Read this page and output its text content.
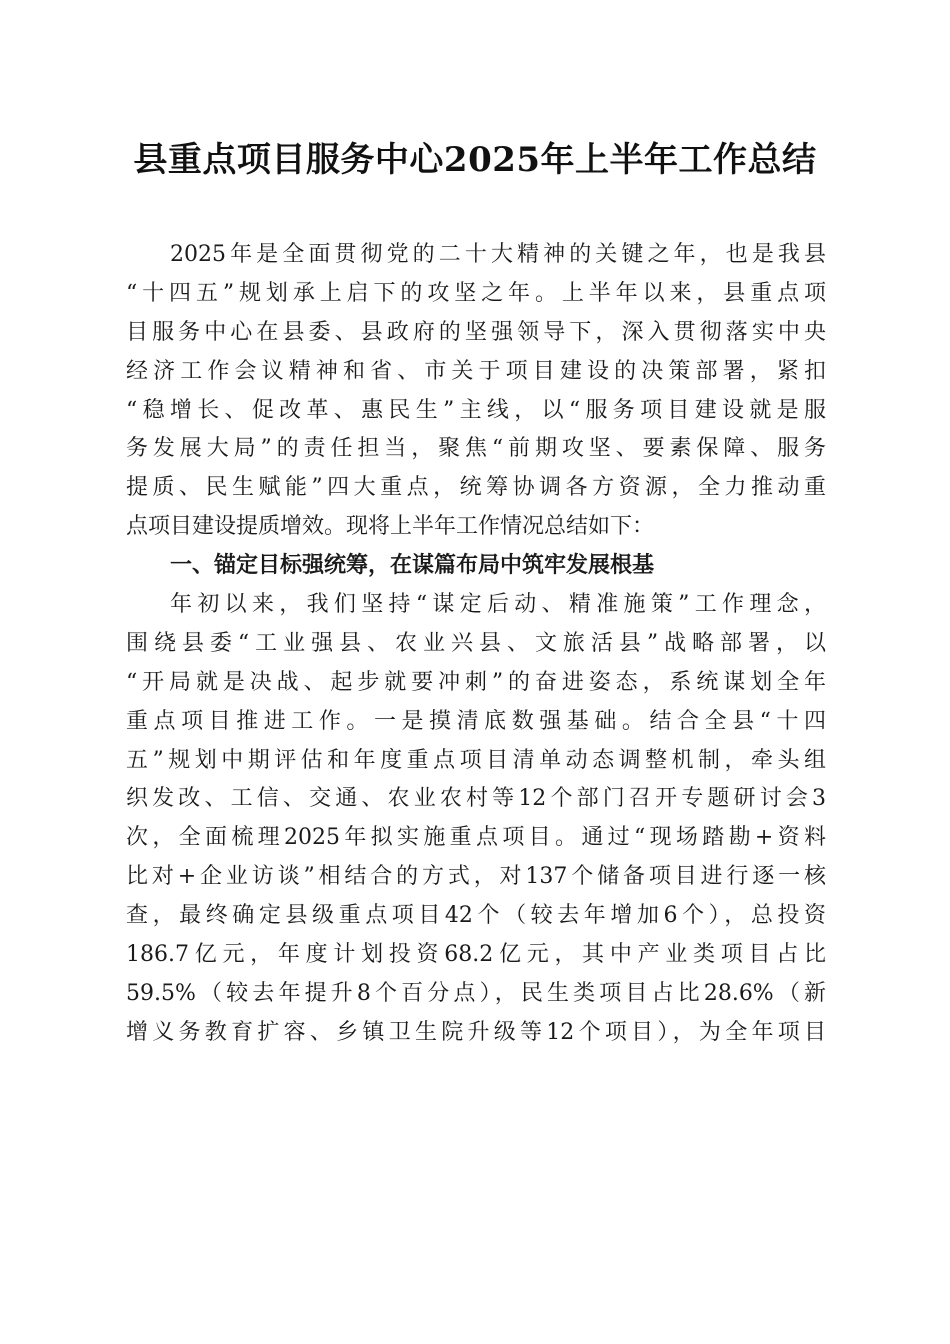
县重点项目服务中心2025年上半年工作总结
2025年是全面贯彻党的二十大精神的关键之年，也是我县
“十四五”规划承上启下的攻坚之年。上半年以来，县重点项
目服务中心在县委、县政府的坚强领导下，深入贯彻落实中央
经济工作会议精神和省、市关于项目建设的决策部署，紧扣
“稳增长、促改革、惠民生”主线，以“服务项目建设就是服
务发展大局”的责任担当，聚焦“前期攻坚、要素保障、服务
提质、民生赋能”四大重点，统筹协调各方资源，全力推动重
点项目建设提质增效。现将上半年工作情况总结如下：
一、锚定目标强统筹，在谋篇布局中筑牢发展根基
年初以来，我们坚持“谋定后动、精准施策”工作理念，
围绕县委“工业强县、农业兴县、文旅活县”战略部署，以
“开局就是决战、起步就要冲刺”的奋进姿态，系统谋划全年
重点项目推进工作。一是摸清底数强基础。结合全县“十四
五”规划中期评估和年度重点项目清单动态调整机制，牵头组
织发改、工信、交通、农业农村等12个部门召开专题研讨会3
次，全面梳理2025年拟实施重点项目。通过“现场踏勘+资料
比对+企业访谈”相结合的方式，对137个储备项目进行逐一核
查，最终确定县级重点项目42个（较去年增加6个），总投资
186.7亿元，年度计划投资68.2亿元，其中产业类项目占比
59.5%（较去年提升8个百分点），民生类项目占比28.6%（新
增义务教育扩容、乡镇卫生院升级等12个项目），为全年项目
